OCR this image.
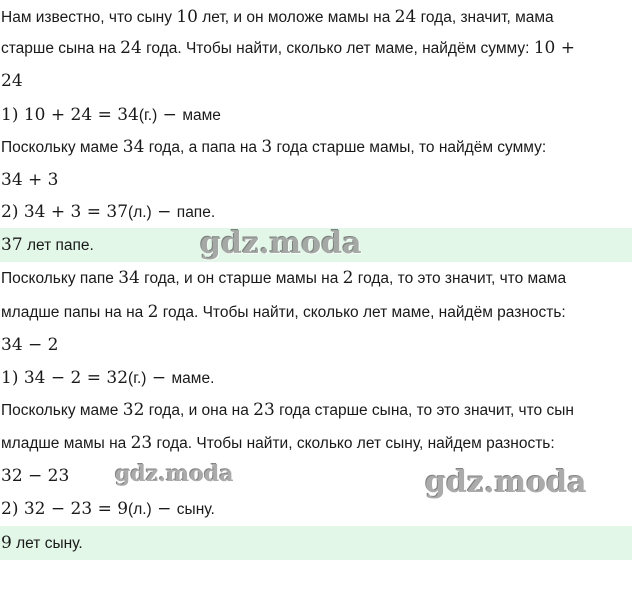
Нам известно, что сыну 10 лет, и он моложе мамы на 24 года, значит, мама
старше сына на 24 года. Чтобы найти, сколько лет маме, найдём сумму: 10 +
24
1) 10 + 24 = 34(г.) − маме
Поскольку маме 34 года, а папа на 3 года старше мамы, то найдём сумму:
34 + 3
2) 34 + 3 = 37(л.) − папе.
37 лет папе.
Поскольку папе 34 года, и он старше мамы на 2 года, то это значит, что мама
младше папы на на 2 года. Чтобы найти, сколько лет маме, найдём разность:
34 − 2
1) 34 − 2 = 32(г.) − маме.
Поскольку маме 32 года, и она на 23 года старше сына, то это значит, что сын
младше мамы на 23 года. Чтобы найти, сколько лет сыну, найдем разность:
32 − 23
2) 32 − 23 = 9(л.) − сыну.
9 лет сыну.
gdz.moda
gdz.moda	gdz.moda
